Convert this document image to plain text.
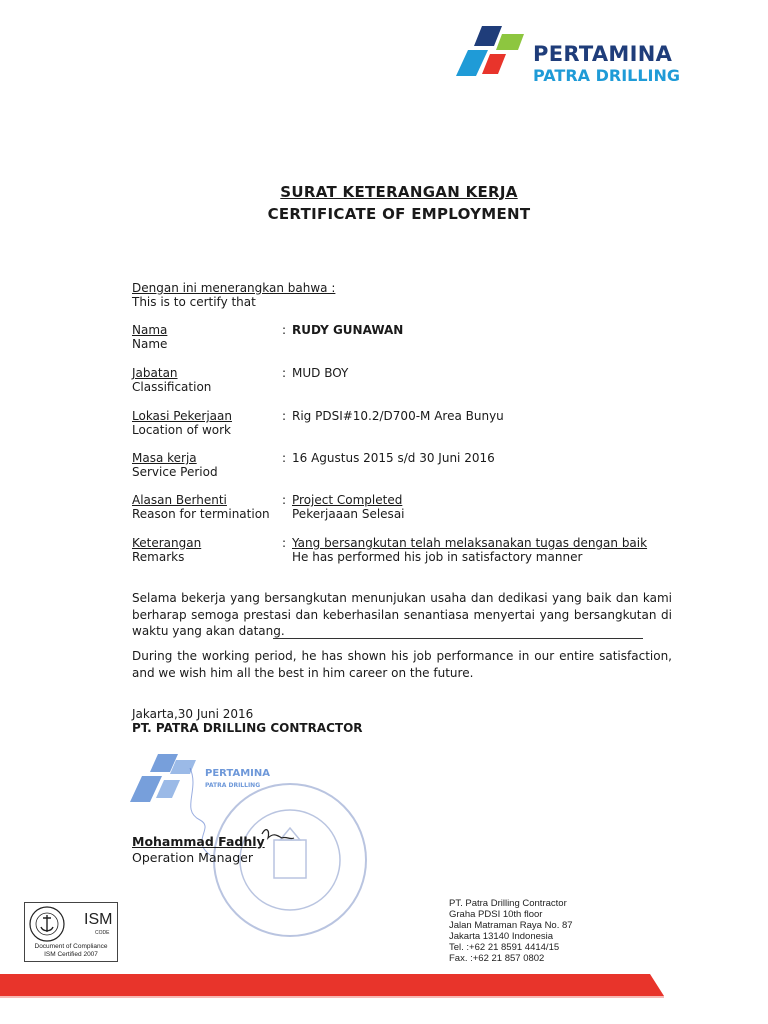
PERTAMINA
PATRA DRILLING
SURAT KETERANGAN KERJA
CERTIFICATE OF EMPLOYMENT
Dengan ini menerangkan bahwa :
This is to certify that
Nama
Name
: RUDY GUNAWAN
Jabatan
Classification
: MUD BOY
Lokasi Pekerjaan
Location of work
: Rig PDSI#10.2/D700-M Area Bunyu
Masa kerja
Service Period
: 16 Agustus 2015 s/d 30 Juni 2016
Alasan Berhenti
Reason for termination
: Project Completed
Pekerjaaan Selesai
Keterangan
Remarks
: Yang bersangkutan telah melaksanakan tugas dengan baik
He has performed his job in satisfactory manner
Selama bekerja yang bersangkutan menunjukan usaha dan dedikasi yang baik dan kami berharap semoga prestasi dan keberhasilan senantiasa menyertai yang bersangkutan di waktu yang akan datang.
During the working period, he has shown his job performance in our entire satisfaction, and we wish him all the best in him career on the future.
Jakarta,30 Juni 2016
PT. PATRA DRILLING CONTRACTOR
PERTAMINA
PATRA DRILLING
Mohammad Fadhly
Operation Manager
PT. Patra Drilling Contractor
Graha PDSI 10th floor
Jalan Matraman Raya No. 87
Jakarta 13140 Indonesia
Tel. :+62 21 8591 4414/15
Fax. :+62 21 857 0802
ISM
CODE
Document of Compliance
ISM Certified 2007
